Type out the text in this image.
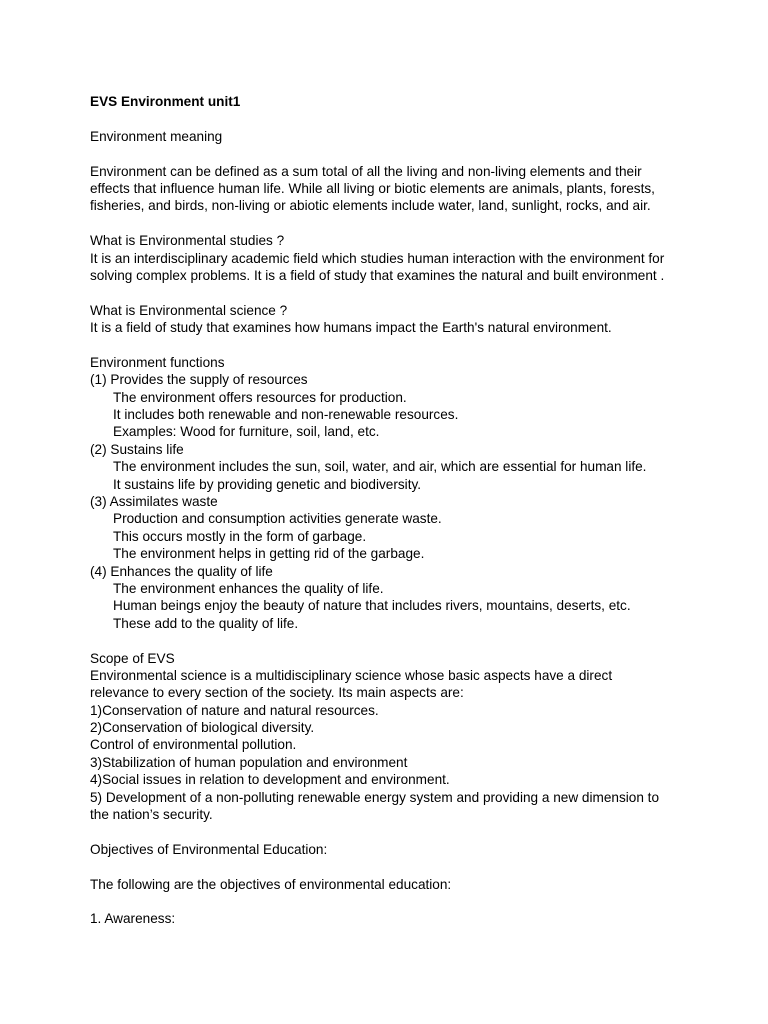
EVS Environment unit1
Environment meaning
Environment can be defined as a sum total of all the living and non-living elements and their
effects that influence human life. While all living or biotic elements are animals, plants, forests,
fisheries, and birds, non-living or abiotic elements include water, land, sunlight, rocks, and air.
What is Environmental studies ?
It is an interdisciplinary academic field which studies human interaction with the environment for
solving complex problems. It is a field of study that examines the natural and built environment .
What is Environmental science ?
It is a field of study that examines how humans impact the Earth's natural environment.
Environment functions
(1) Provides the supply of resources
The environment offers resources for production.
It includes both renewable and non-renewable resources.
Examples: Wood for furniture, soil, land, etc.
(2) Sustains life
The environment includes the sun, soil, water, and air, which are essential for human life.
It sustains life by providing genetic and biodiversity.
(3) Assimilates waste
Production and consumption activities generate waste.
This occurs mostly in the form of garbage.
The environment helps in getting rid of the garbage.
(4) Enhances the quality of life
The environment enhances the quality of life.
Human beings enjoy the beauty of nature that includes rivers, mountains, deserts, etc.
These add to the quality of life.
Scope of EVS
Environmental science is a multidisciplinary science whose basic aspects have a direct
relevance to every section of the society. Its main aspects are:
1)Conservation of nature and natural resources.
2)Conservation of biological diversity.
Control of environmental pollution.
3)Stabilization of human population and environment
4)Social issues in relation to development and environment.
5) Development of a non-polluting renewable energy system and providing a new dimension to
the nation’s security.
Objectives of Environmental Education:
The following are the objectives of environmental education:
1. Awareness:
